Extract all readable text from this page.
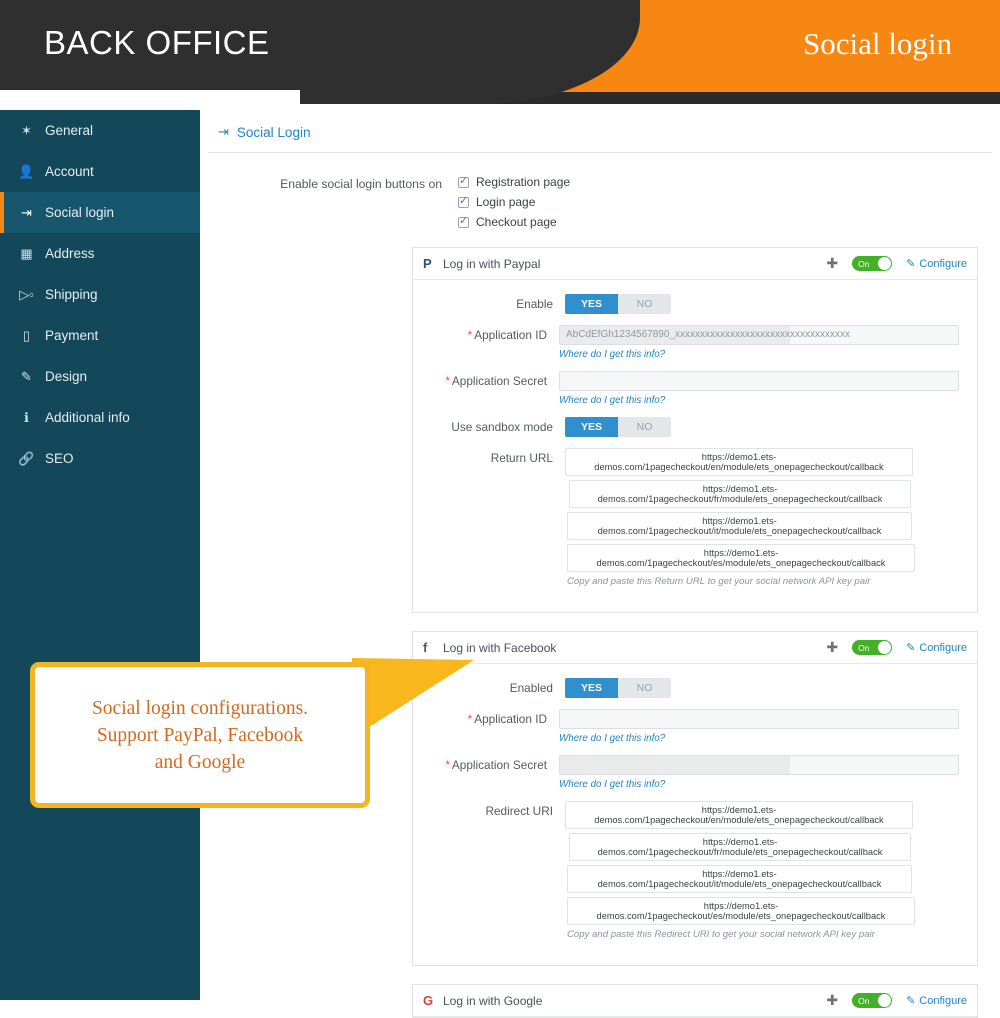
BACK OFFICE	Social login
✶ General
👤 Account
⇥ Social login
▦ Address
▷▫ Shipping
▯	Payment
✎ Design
ℹ	Additional info
🔗 SEO
⇥ Social Login
Enable social login buttons on ✓	Registration page
✓
Login page
✓
Checkout page
P Log in with Paypal	✚ On	✎ Configure
Enable	YES	NO
* Application ID	AbCdEfGh1234567890_xxxxxxxxxxxxxxxxxxxxxxxxxxxxxxxxxxx
Where do I get this info?
* Application Secret
Where do I get this info?
Use sandbox mode	YES	NO
Return URL	https://demo1.ets-demos.com/1pagecheckout/en/module/ets_onepagecheckout/callback
https://demo1.ets-demos.com/1pagecheckout/fr/module/ets_onepagecheckout/callback
https://demo1.ets-demos.com/1pagecheckout/it/module/ets_onepagecheckout/callback
https://demo1.ets-demos.com/1pagecheckout/es/module/ets_onepagecheckout/callback
Copy and paste this Return URL to get your social network API key pair
f	Log in with Facebook	✚ On	✎ Configure
Enabled	YES	NO
* Application ID
Where do I get this info?
* Application Secret
Where do I get this info?
Redirect URI	https://demo1.ets-demos.com/1pagecheckout/en/module/ets_onepagecheckout/callback
https://demo1.ets-demos.com/1pagecheckout/fr/module/ets_onepagecheckout/callback
https://demo1.ets-demos.com/1pagecheckout/it/module/ets_onepagecheckout/callback
https://demo1.ets-demos.com/1pagecheckout/es/module/ets_onepagecheckout/callback
Copy and paste this Redirect URI to get your social network API key pair
G Log in with Google	✚ On	✎ Configure
Social login configurations.
Support PayPal, Facebook
and Google
